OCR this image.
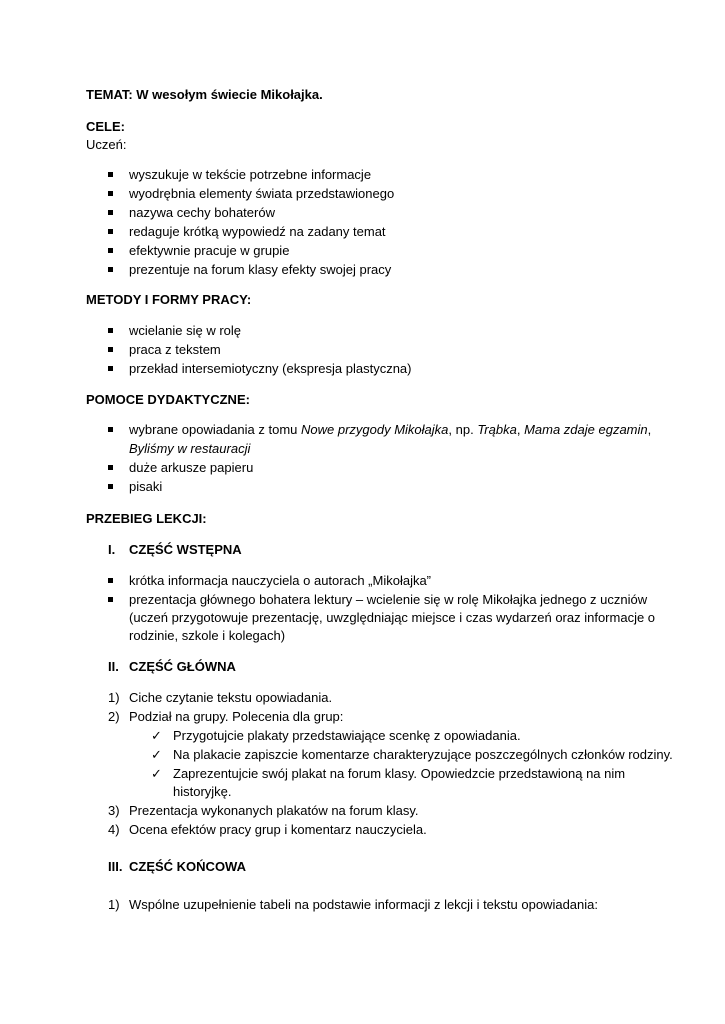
TEMAT: W wesołym świecie Mikołajka.
CELE:
Uczeń:
wyszukuje w tekście potrzebne informacje
wyodrębnia elementy świata przedstawionego
nazywa cechy bohaterów
redaguje krótką wypowiedź na zadany temat
efektywnie pracuje w grupie
prezentuje na forum klasy efekty swojej pracy
METODY I FORMY PRACY:
wcielanie się w rolę
praca z tekstem
przekład intersemiotyczny (ekspresja plastyczna)
POMOCE DYDAKTYCZNE:
wybrane opowiadania z tomu Nowe przygody Mikołajka, np. Trąbka, Mama zdaje egzamin,
Byliśmy w restauracji
duże arkusze papieru
pisaki
PRZEBIEG LEKCJI:
I. CZĘŚĆ WSTĘPNA
krótka informacja nauczyciela o autorach „Mikołajka”
prezentacja głównego bohatera lektury – wcielenie się w rolę Mikołajka jednego z uczniów
(uczeń przygotowuje prezentację, uwzględniając miejsce i czas wydarzeń oraz informacje o
rodzinie, szkole i kolegach)
II. CZĘŚĆ GŁÓWNA
1) Ciche czytanie tekstu opowiadania.
2) Podział na grupy. Polecenia dla grup:
✓ Przygotujcie plakaty przedstawiające scenkę z opowiadania.
✓ Na plakacie zapiszcie komentarze charakteryzujące poszczególnych członków rodziny.
✓ Zaprezentujcie swój plakat na forum klasy. Opowiedzcie przedstawioną na nim
historyjkę.
3) Prezentacja wykonanych plakatów na forum klasy.
4) Ocena efektów pracy grup i komentarz nauczyciela.
III. CZĘŚĆ KOŃCOWA
1) Wspólne uzupełnienie tabeli na podstawie informacji z lekcji i tekstu opowiadania:
